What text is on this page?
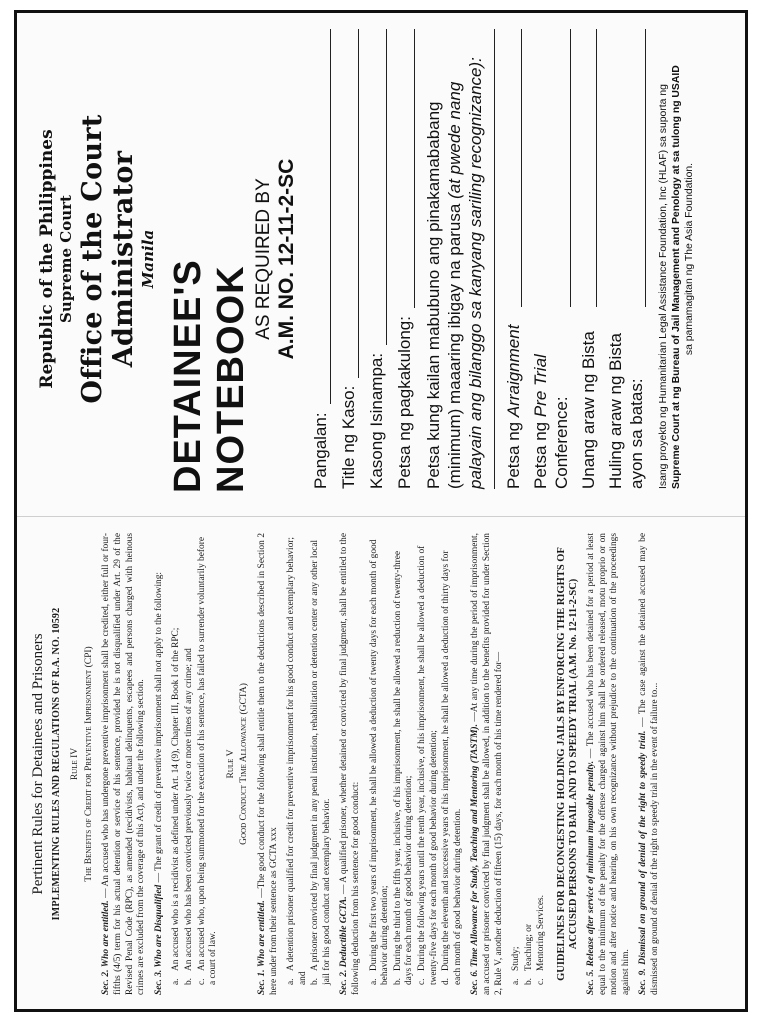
Pertinent Rules for Detainees and Prisoners IMPLEMENTING RULES AND REGULATIONS OF R.A. NO. 10592 Rule IV The Benefits of Credit for Preventive Imprisonment (CPI)

Sec. 2. Who are entitled. — An accused who has undergone preventive imprisonment shall be credited, either full or four-fifths (4/5) term for his actual detention or service of his sentence, provided he is not disqualified under Art. 29 of the Revised Penal Code (RPC), as amended (recidivists, habitual delinquents, escapees and persons charged with heinous crimes are excluded from the coverage of this Act), and under the following section. Sec. 3. Who are Disqualified — The grant of credit of preventive imprisonment shall not apply to the following:

a.An accused who is a recidivist as defined under Art. 14 (9), Chapter III, Book I of the RPC;
b.An accused who has been convicted previously twice or more times of any crime; and
c.An accused who, upon being summoned for the execution of his sentence, has failed to surrender voluntarily before a court of law.
Rule V Good Conduct Time Allowance (GCTA)

Sec. 1. Who are entitled. —The good conduct for the following shall entitle them to the deductions described in Section 2 here under from their sentence as GCTA xxx a.A detention prisoner qualified for credit for preventive imprisonment for his good conduct and exemplary behavior; and b.A prisoner convicted by final judgment in any penal institution, rehabilitation or detention center or any other local jail for his good conduct and exemplary behavior. Sec. 2. Deductible GCTA. — A qualified prisoner, whether detained or convicted by final judgment, shall be entitled to the following deduction from his sentence for good conduct: a.During the first two years of imprisonment, he shall be allowed a deduction of twenty days for each month of good behavior during detention; b.During the third to the fifth year, inclusive, of his imprisonment, he shall be allowed a reduction of twenty-three days for each month of good behavior during detention; c.During the following years until the tenth year, inclusive, of his imprisonment, he shall be allowed a deduction of twenty-five days for each month of good behavior during detention; d.During the eleventh and successive years of his imprisonment, he shall be allowed a deduction of thirty days for each month of good behavior during detention. Sec. 6. Time Allowance for Study, Teaching and Mentoring (TASTM). —At any time during the period of imprisonment, an accused or prisoner convicted by final judgment shall be allowed, in addition to the benefits provided for under Section 2, Rule V, another deduction of fifteen (15) days, for each month of his time rendered for— a.Study;
b.Teaching; or
c.Mentoring Services. GUIDELINES FOR DECONGESTING HOLDING JAILS BY ENFORCING THE RIGHTS OF ACCUSED PERSONS TO BAIL AND TO SPEEDY TRIAL (A.M. No. 12-11-2-SC) Sec. 5. Release after service of minimum imposable penalty. — The accused who has been detained for a period at least equal to the minimum of the penalty for the offense charged against him shall be ordered released, motu proprio or on motion and after notice and hearing, on his own recognizance without prejudice to the continuation of the proceedings against him. Sec. 9. Dismissal on ground of denial of the right to speedy trial. — The case against the detained accused may be dismissed on ground of denial of the right to speedy trial in the event of failure to...

Republic of the Philippines Supreme Court Office of the Court Administrator Manila
DETAINEE'S NOTEBOOK
AS REQUIRED BY A.M. NO. 12-11-2-SC
Pangalan: Title ng Kaso: Kasong Isinampa: Petsa ng pagkakulong: Petsa kung kailan mabubuno ang pinakamababang (minimum) maaaring ibigay na parusa (at pwede nang palayain ang bilanggo sa kanyang sariling recognizance):	Petsa ng Arraignment
Petsa ng Pre Trial Conference: Unang araw ng Bista Huling araw ng Bista ayon sa batas: Isang proyekto ng Humanitarian Legal Assistance Foundation, Inc (HLAF) sa suporta ng Supreme Court at ng Bureau of Jail Management and Penology at sa tulong ng USAID sa pamamagitan ng The Asia Foundation.
